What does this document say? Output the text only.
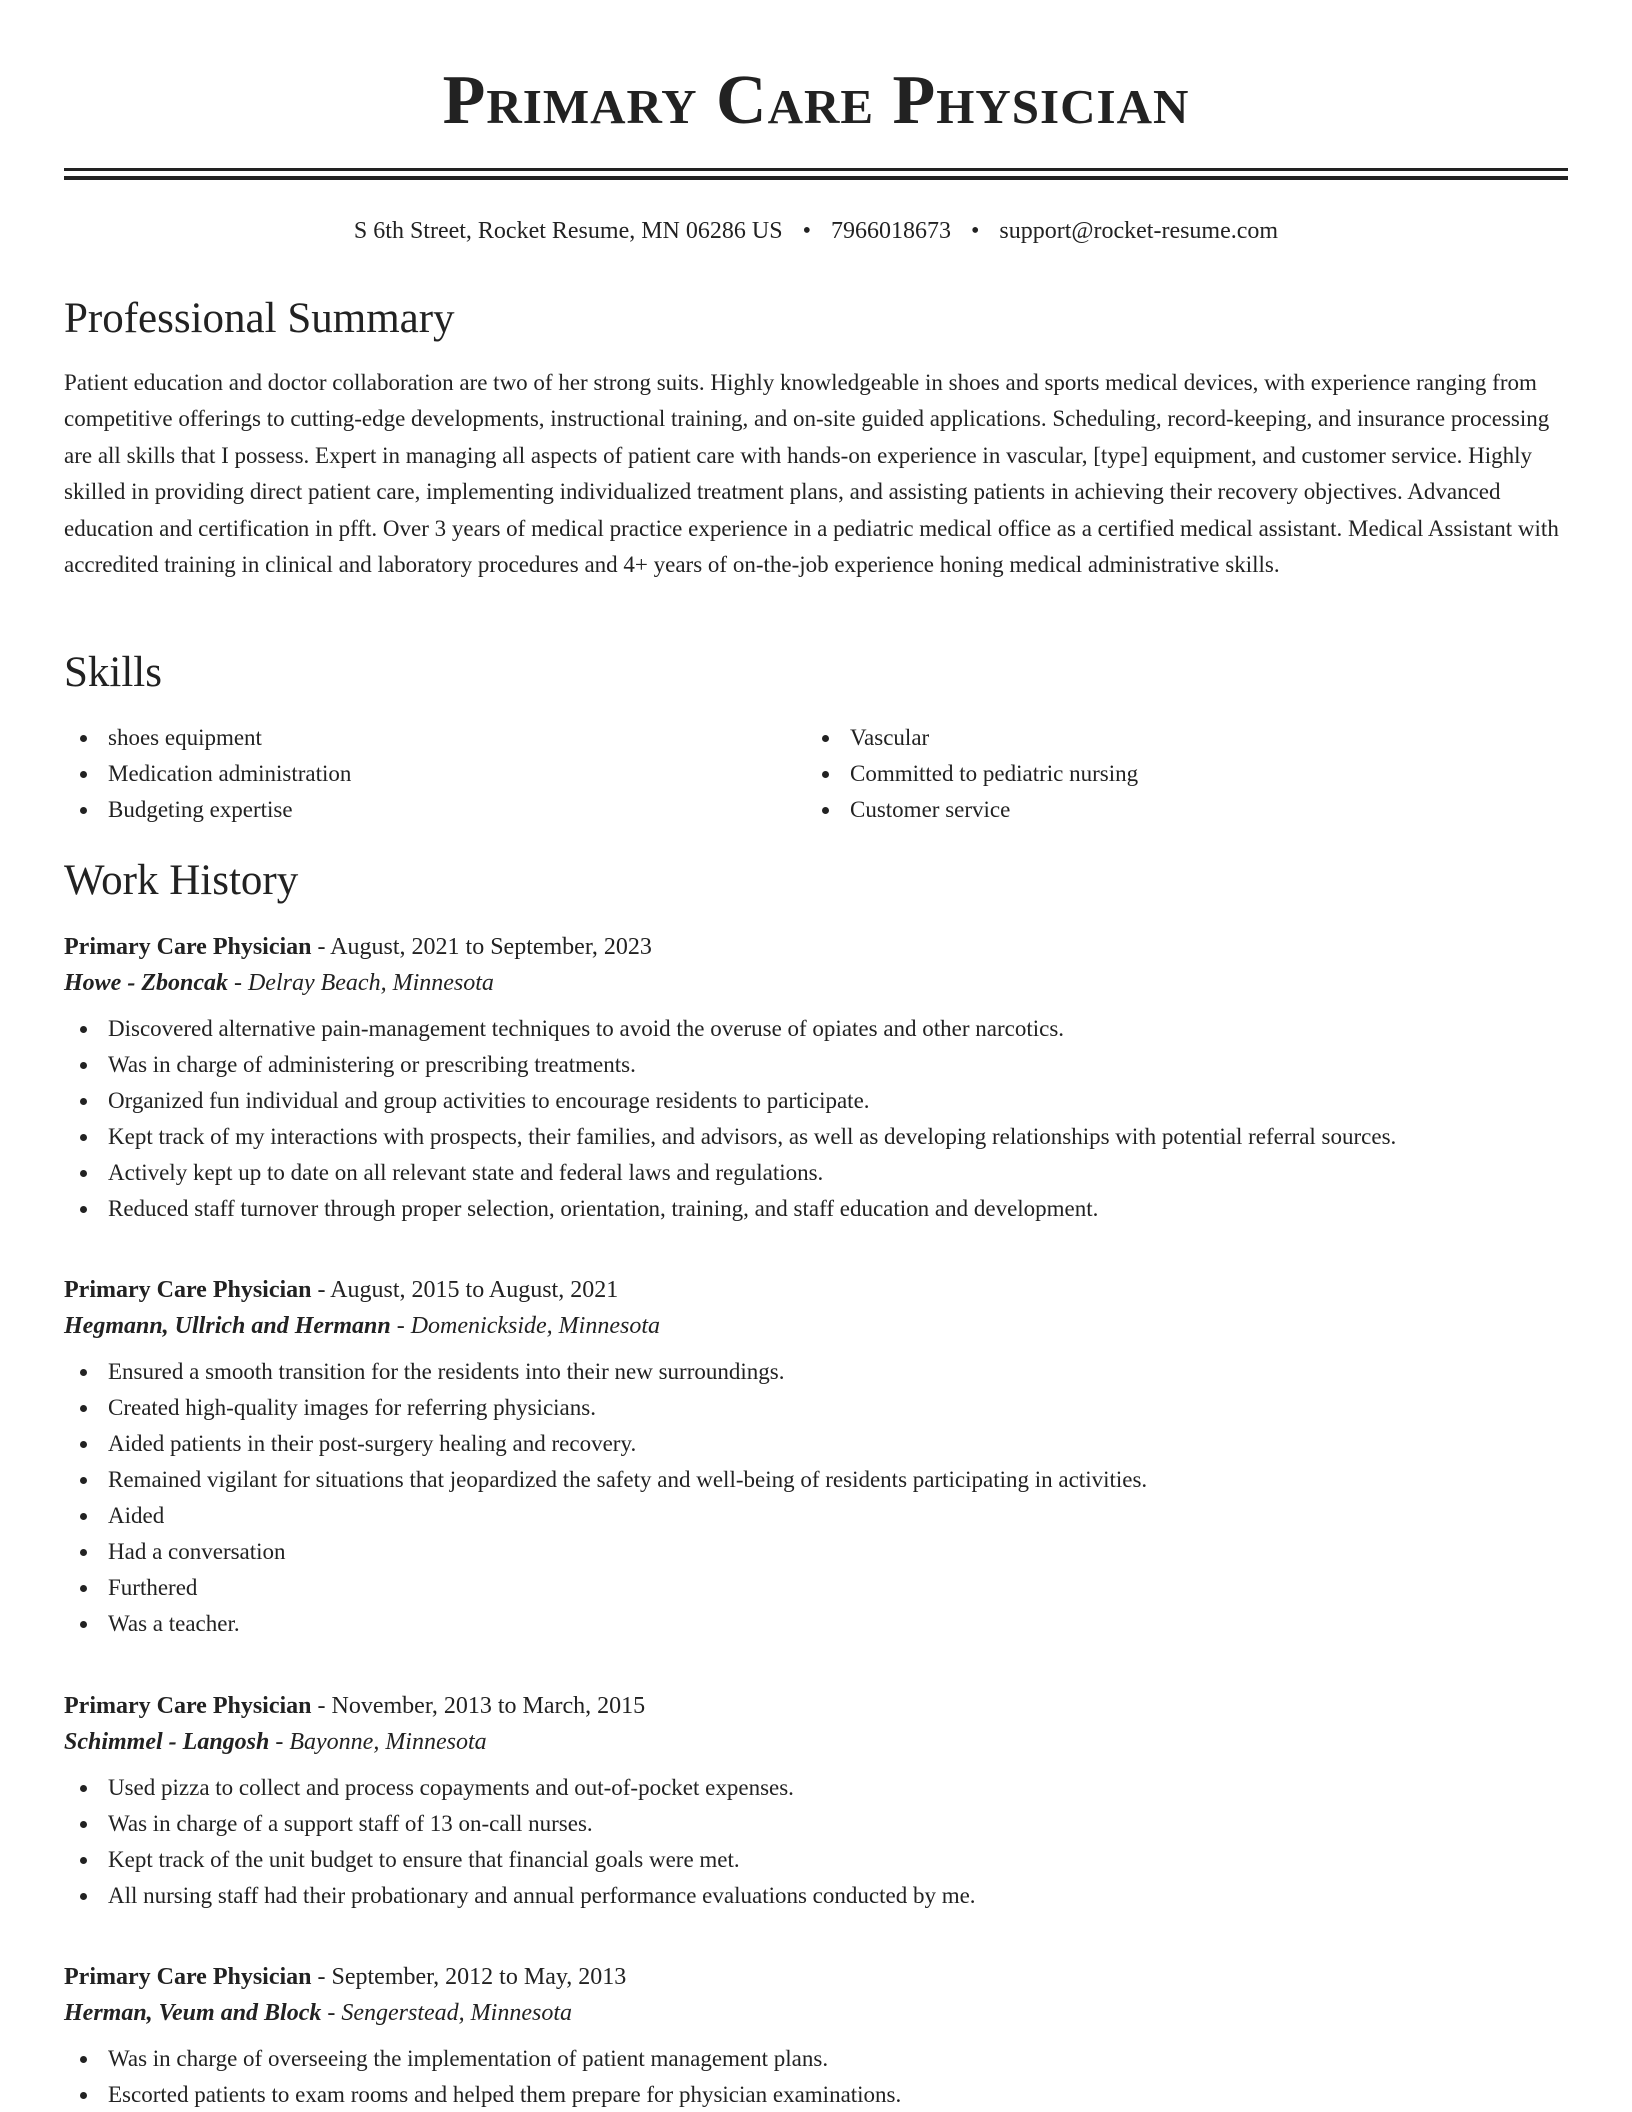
Primary Care Physician
S 6th Street, Rocket Resume, MN 06286 US • 7966018673 • support@rocket-resume.com
Professional Summary

Patient education and doctor collaboration are two of her strong suits. Highly knowledgeable in shoes and sports medical devices, with experience ranging from competitive offerings to cutting-edge developments, instructional training, and on-site guided applications. Scheduling, record-keeping, and insurance processing are all skills that I possess. Expert in managing all aspects of patient care with hands-on experience in vascular, [type] equipment, and customer service. Highly skilled in providing direct patient care, implementing individualized treatment plans, and assisting patients in achieving their recovery objectives. Advanced education and certification in pfft. Over 3 years of medical practice experience in a pediatric medical office as a certified medical assistant. Medical Assistant with accredited training in clinical and laboratory procedures and 4+ years of on-the-job experience honing medical administrative skills.

Skills
shoes equipment
Medication administration
Budgeting expertise
Vascular
Committed to pediatric nursing
Customer service
Work History
Primary Care Physician - August, 2021 to September, 2023
Howe - Zboncak - Delray Beach, Minnesota
Discovered alternative pain-management techniques to avoid the overuse of opiates and other narcotics.
Was in charge of administering or prescribing treatments.
Organized fun individual and group activities to encourage residents to participate.
Kept track of my interactions with prospects, their families, and advisors, as well as developing relationships with potential referral sources.
Actively kept up to date on all relevant state and federal laws and regulations.
Reduced staff turnover through proper selection, orientation, training, and staff education and development.
Primary Care Physician - August, 2015 to August, 2021
Hegmann, Ullrich and Hermann - Domenickside, Minnesota
Ensured a smooth transition for the residents into their new surroundings.
Created high-quality images for referring physicians.
Aided patients in their post-surgery healing and recovery.
Remained vigilant for situations that jeopardized the safety and well-being of residents participating in activities.
Aided
Had a conversation
Furthered
Was a teacher.
Primary Care Physician - November, 2013 to March, 2015
Schimmel - Langosh - Bayonne, Minnesota
Used pizza to collect and process copayments and out-of-pocket expenses.
Was in charge of a support staff of 13 on-call nurses.
Kept track of the unit budget to ensure that financial goals were met.
All nursing staff had their probationary and annual performance evaluations conducted by me.
Primary Care Physician - September, 2012 to May, 2013
Herman, Veum and Block - Sengerstead, Minnesota
Was in charge of overseeing the implementation of patient management plans.
Escorted patients to exam rooms and helped them prepare for physician examinations.
